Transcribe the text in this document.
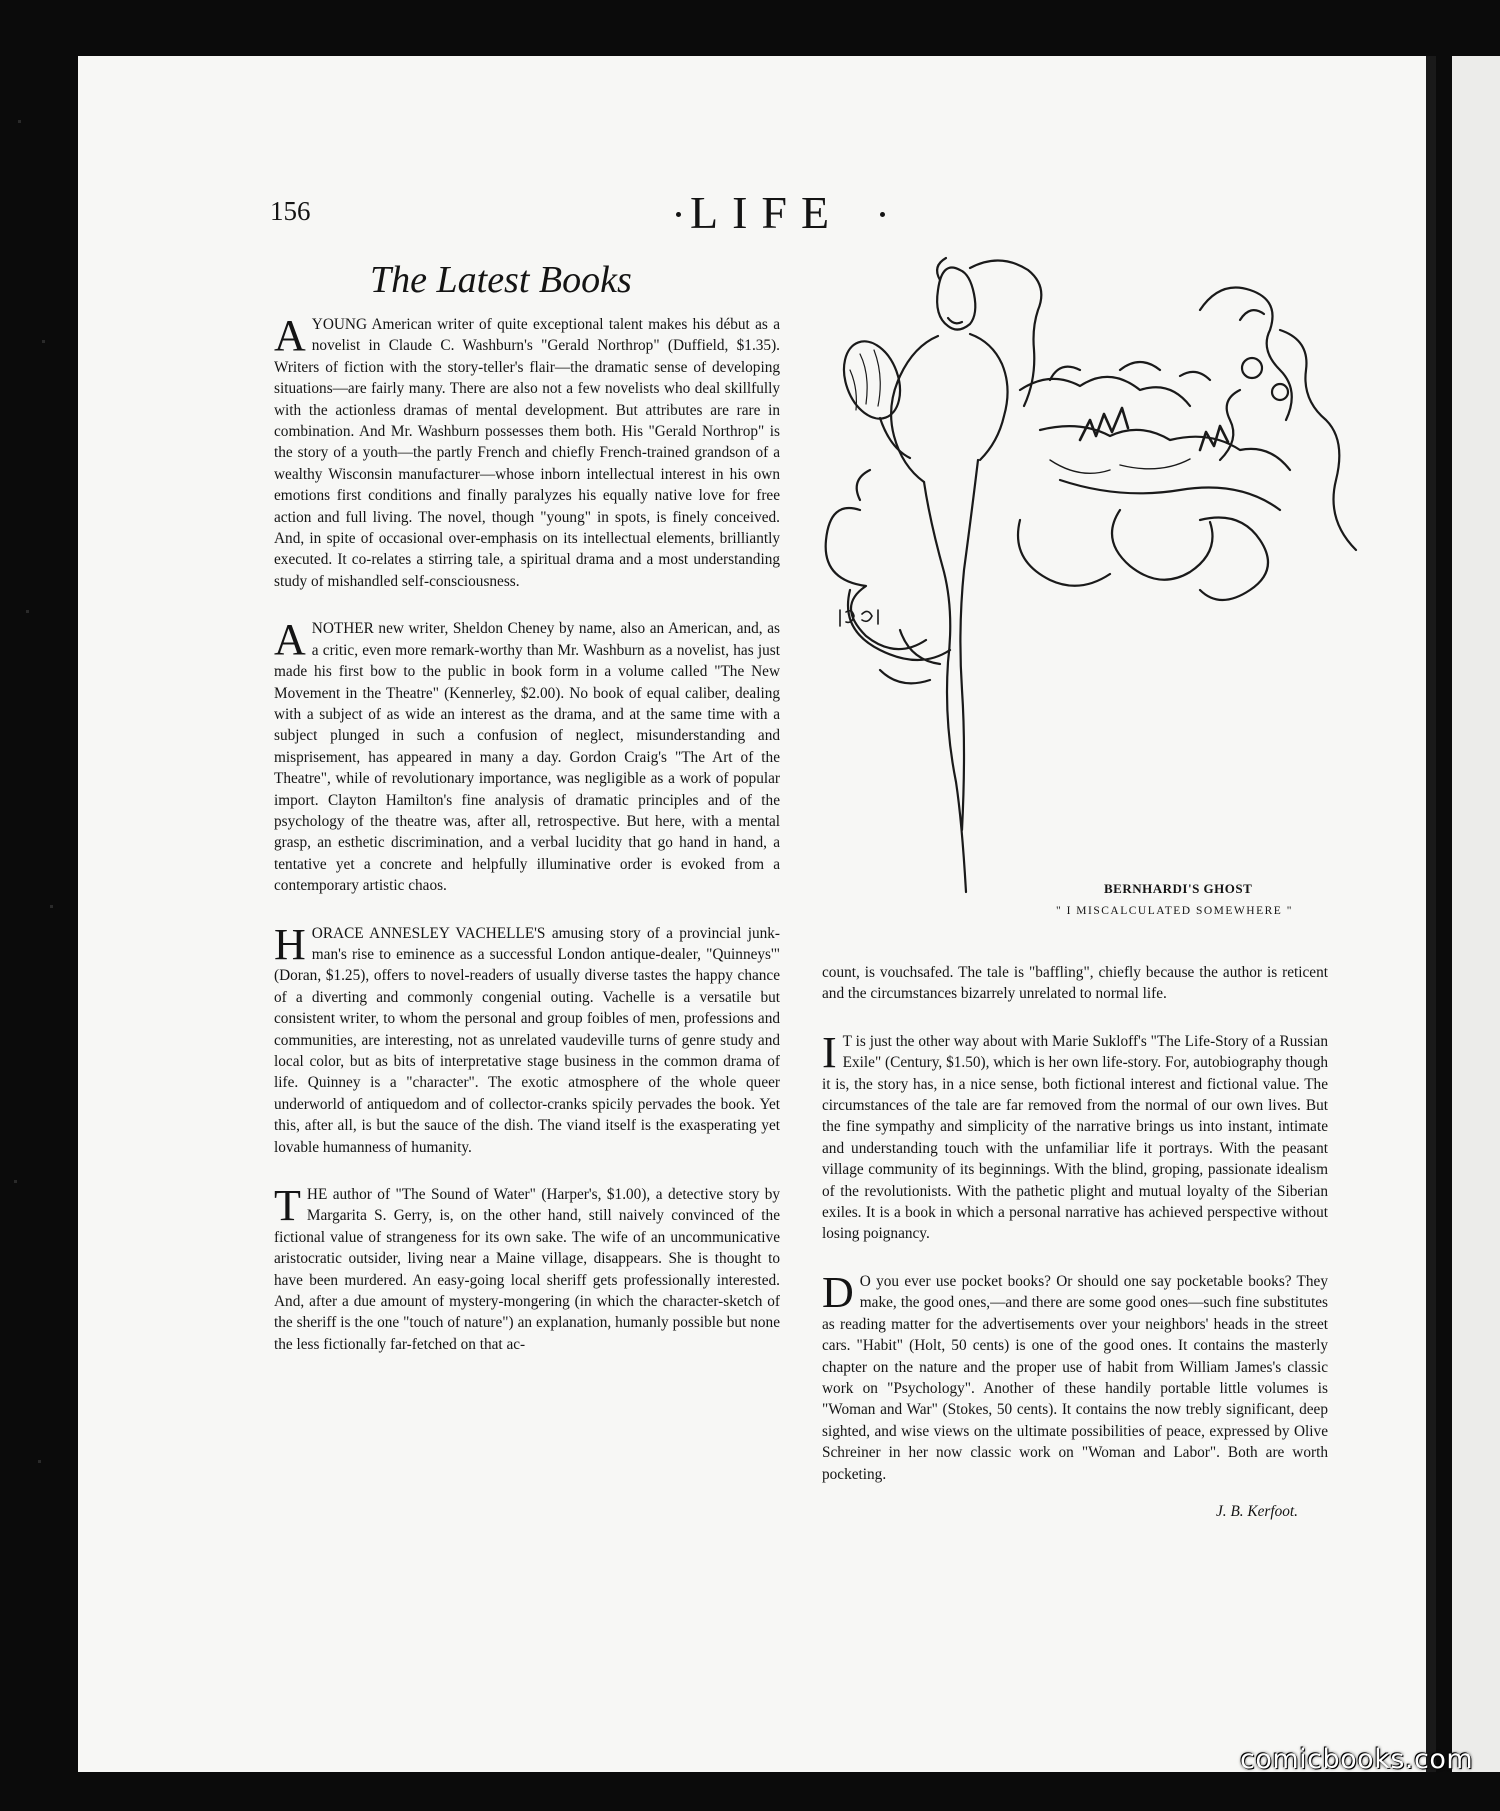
156	LIFE
The Latest Books

A YOUNG American writer of quite exceptional talent makes his début as a novelist in Claude C. Washburn's "Gerald Northrop" (Duffield, $1.35). Writers of fiction with the story-teller's flair—the dramatic sense of developing situations—are fairly many. There are also not a few novelists who deal skillfully with the actionless dramas of mental development. But attributes are rare in combination. And Mr. Washburn possesses them both. His "Gerald Northrop" is the story of a youth—the partly French and chiefly French-trained grandson of a wealthy Wisconsin manufacturer—whose inborn intellectual interest in his own emotions first conditions and finally paralyzes his equally native love for free action and full living. The novel, though "young" in spots, is finely conceived. And, in spite of occasional over-emphasis on its intellectual elements, brilliantly executed. It co-relates a stirring tale, a spiritual drama and a most understanding study of mishandled self-consciousness.

ANOTHER new writer, Sheldon Cheney by name, also an American, and, as a critic, even more remark-worthy than Mr. Washburn as a novelist, has just made his first bow to the public in book form in a volume called "The New Movement in the Theatre" (Kennerley, $2.00). No book of equal caliber, dealing with a subject of as wide an interest as the drama, and at the same time with a subject plunged in such a confusion of neglect, misunderstanding and misprisement, has appeared in many a day. Gordon Craig's "The Art of the Theatre", while of revolutionary importance, was negligible as a work of popular import. Clayton Hamilton's fine analysis of dramatic principles and of the psychology of the theatre was, after all, retrospective. But here, with a mental grasp, an esthetic discrimination, and a verbal lucidity that go hand in hand, a tentative yet a concrete and helpfully illuminative order is evoked from a contemporary artistic chaos.

HORACE ANNESLEY VACHELLE'S amusing story of a provincial junk-man's rise to eminence as a successful London antique-dealer, "Quinneys'" (Doran, $1.25), offers to novel-readers of usually diverse tastes the happy chance of a diverting and commonly congenial outing. Vachelle is a versatile but consistent writer, to whom the personal and group foibles of men, professions and communities, are interesting, not as unrelated vaudeville turns of genre study and local color, but as bits of interpretative stage business in the common drama of life. Quinney is a "character". The exotic atmosphere of the whole queer underworld of antiquedom and of collector-cranks spicily pervades the book. Yet this, after all, is but the sauce of the dish. The viand itself is the exasperating yet lovable humanness of humanity.

THE author of "The Sound of Water" (Harper's, $1.00), a detective story by Margarita S. Gerry, is, on the other hand, still naively convinced of the fictional value of strangeness for its own sake. The wife of an uncommunicative aristocratic outsider, living near a Maine village, disappears. She is thought to have been murdered. An easy-going local sheriff gets professionally interested. And, after a due amount of mystery-mongering (in which the character-sketch of the sheriff is the one "touch of nature") an explanation, humanly possible but none the less fictionally far-fetched on that ac-

BERNHARDI'S GHOST
" I MISCALCULATED SOMEWHERE "

count, is vouchsafed. The tale is "baffling", chiefly because the author is reticent and the circumstances bizarrely unrelated to normal life.

I T is just the other way about with Marie Sukloff's "The Life-Story of a Russian Exile" (Century, $1.50), which is her own life-story. For, autobiography though it is, the story has, in a nice sense, both fictional interest and fictional value. The circumstances of the tale are far removed from the normal of our own lives. But the fine sympathy and simplicity of the narrative brings us into instant, intimate and understanding touch with the unfamiliar life it portrays. With the peasant village community of its beginnings. With the blind, groping, passionate idealism of the revolutionists. With the pathetic plight and mutual loyalty of the Siberian exiles. It is a book in which a personal narrative has achieved perspective without losing poignancy.

D O you ever use pocket books? Or should one say pocketable books? They make, the good ones,—and there are some good ones—such fine substitutes as reading matter for the advertisements over your neighbors' heads in the street cars. "Habit" (Holt, 50 cents) is one of the good ones. It contains the masterly chapter on the nature and the proper use of habit from William James's classic work on "Psychology". Another of these handily portable little volumes is "Woman and War" (Stokes, 50 cents). It contains the now trebly significant, deep sighted, and wise views on the ultimate possibilities of peace, expressed by Olive Schreiner in her now classic work on "Woman and Labor". Both are worth pocketing.

J. B. Kerfoot.
comicbooks.com
